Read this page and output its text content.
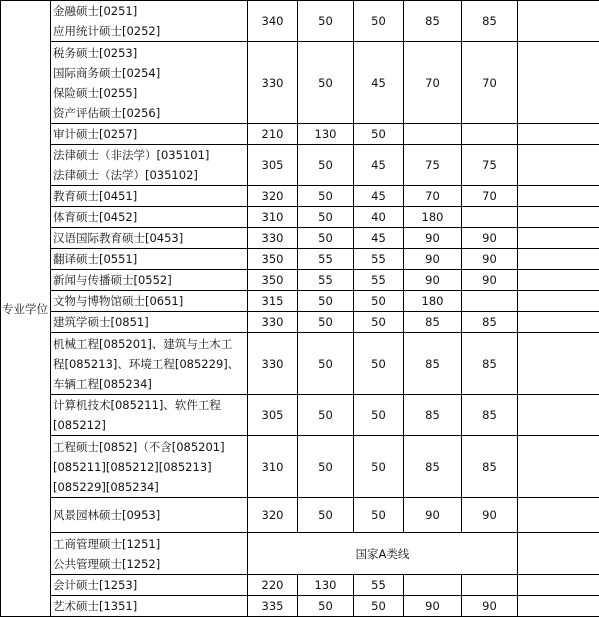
专业学位	金融硕士[0251]
应用统计硕士[0252]	340	50	50	85	85	

	税务硕士[0253]
国际商务硕士[0254]
保险硕士[0255]
资产评估硕士[0256]	330	50	45	70	70	

	审计硕士[0257]	210	130	50			

	法律硕士（非法学）[035101]
法律硕士（法学）[035102]	305	50	45	75	75	

	教育硕士[0451]	320	50	45	70	70	

	体育硕士[0452]	310	50	40	180		

	汉语国际教育硕士[0453]	330	50	45	90	90	

	翻译硕士[0551]	350	55	55	90	90	

	新闻与传播硕士[0552]	350	55	55	90	90	

	文物与博物馆硕士[0651]	315	50	50	180		

	建筑学硕士[0851]	330	50	50	85	85	

	机械工程[085201]、建筑与土木工
程[085213]、环境工程[085229]、
车辆工程[085234]	330	50	50	85	85	

	计算机技术[085211]、软件工程
[085212]	305	50	50	85	85	

	工程硕士[0852]（不含[085201]
[085211][085212][085213]
[085229][085234]	310	50	50	85	85	

	风景园林硕士[0953]	320	50	50	90	90	

	工商管理硕士[1251]
公共管理硕士[1252]	国家A类线					

	会计硕士[1253]	220	130	55			

	艺术硕士[1351]	335	50	50	90	90	
